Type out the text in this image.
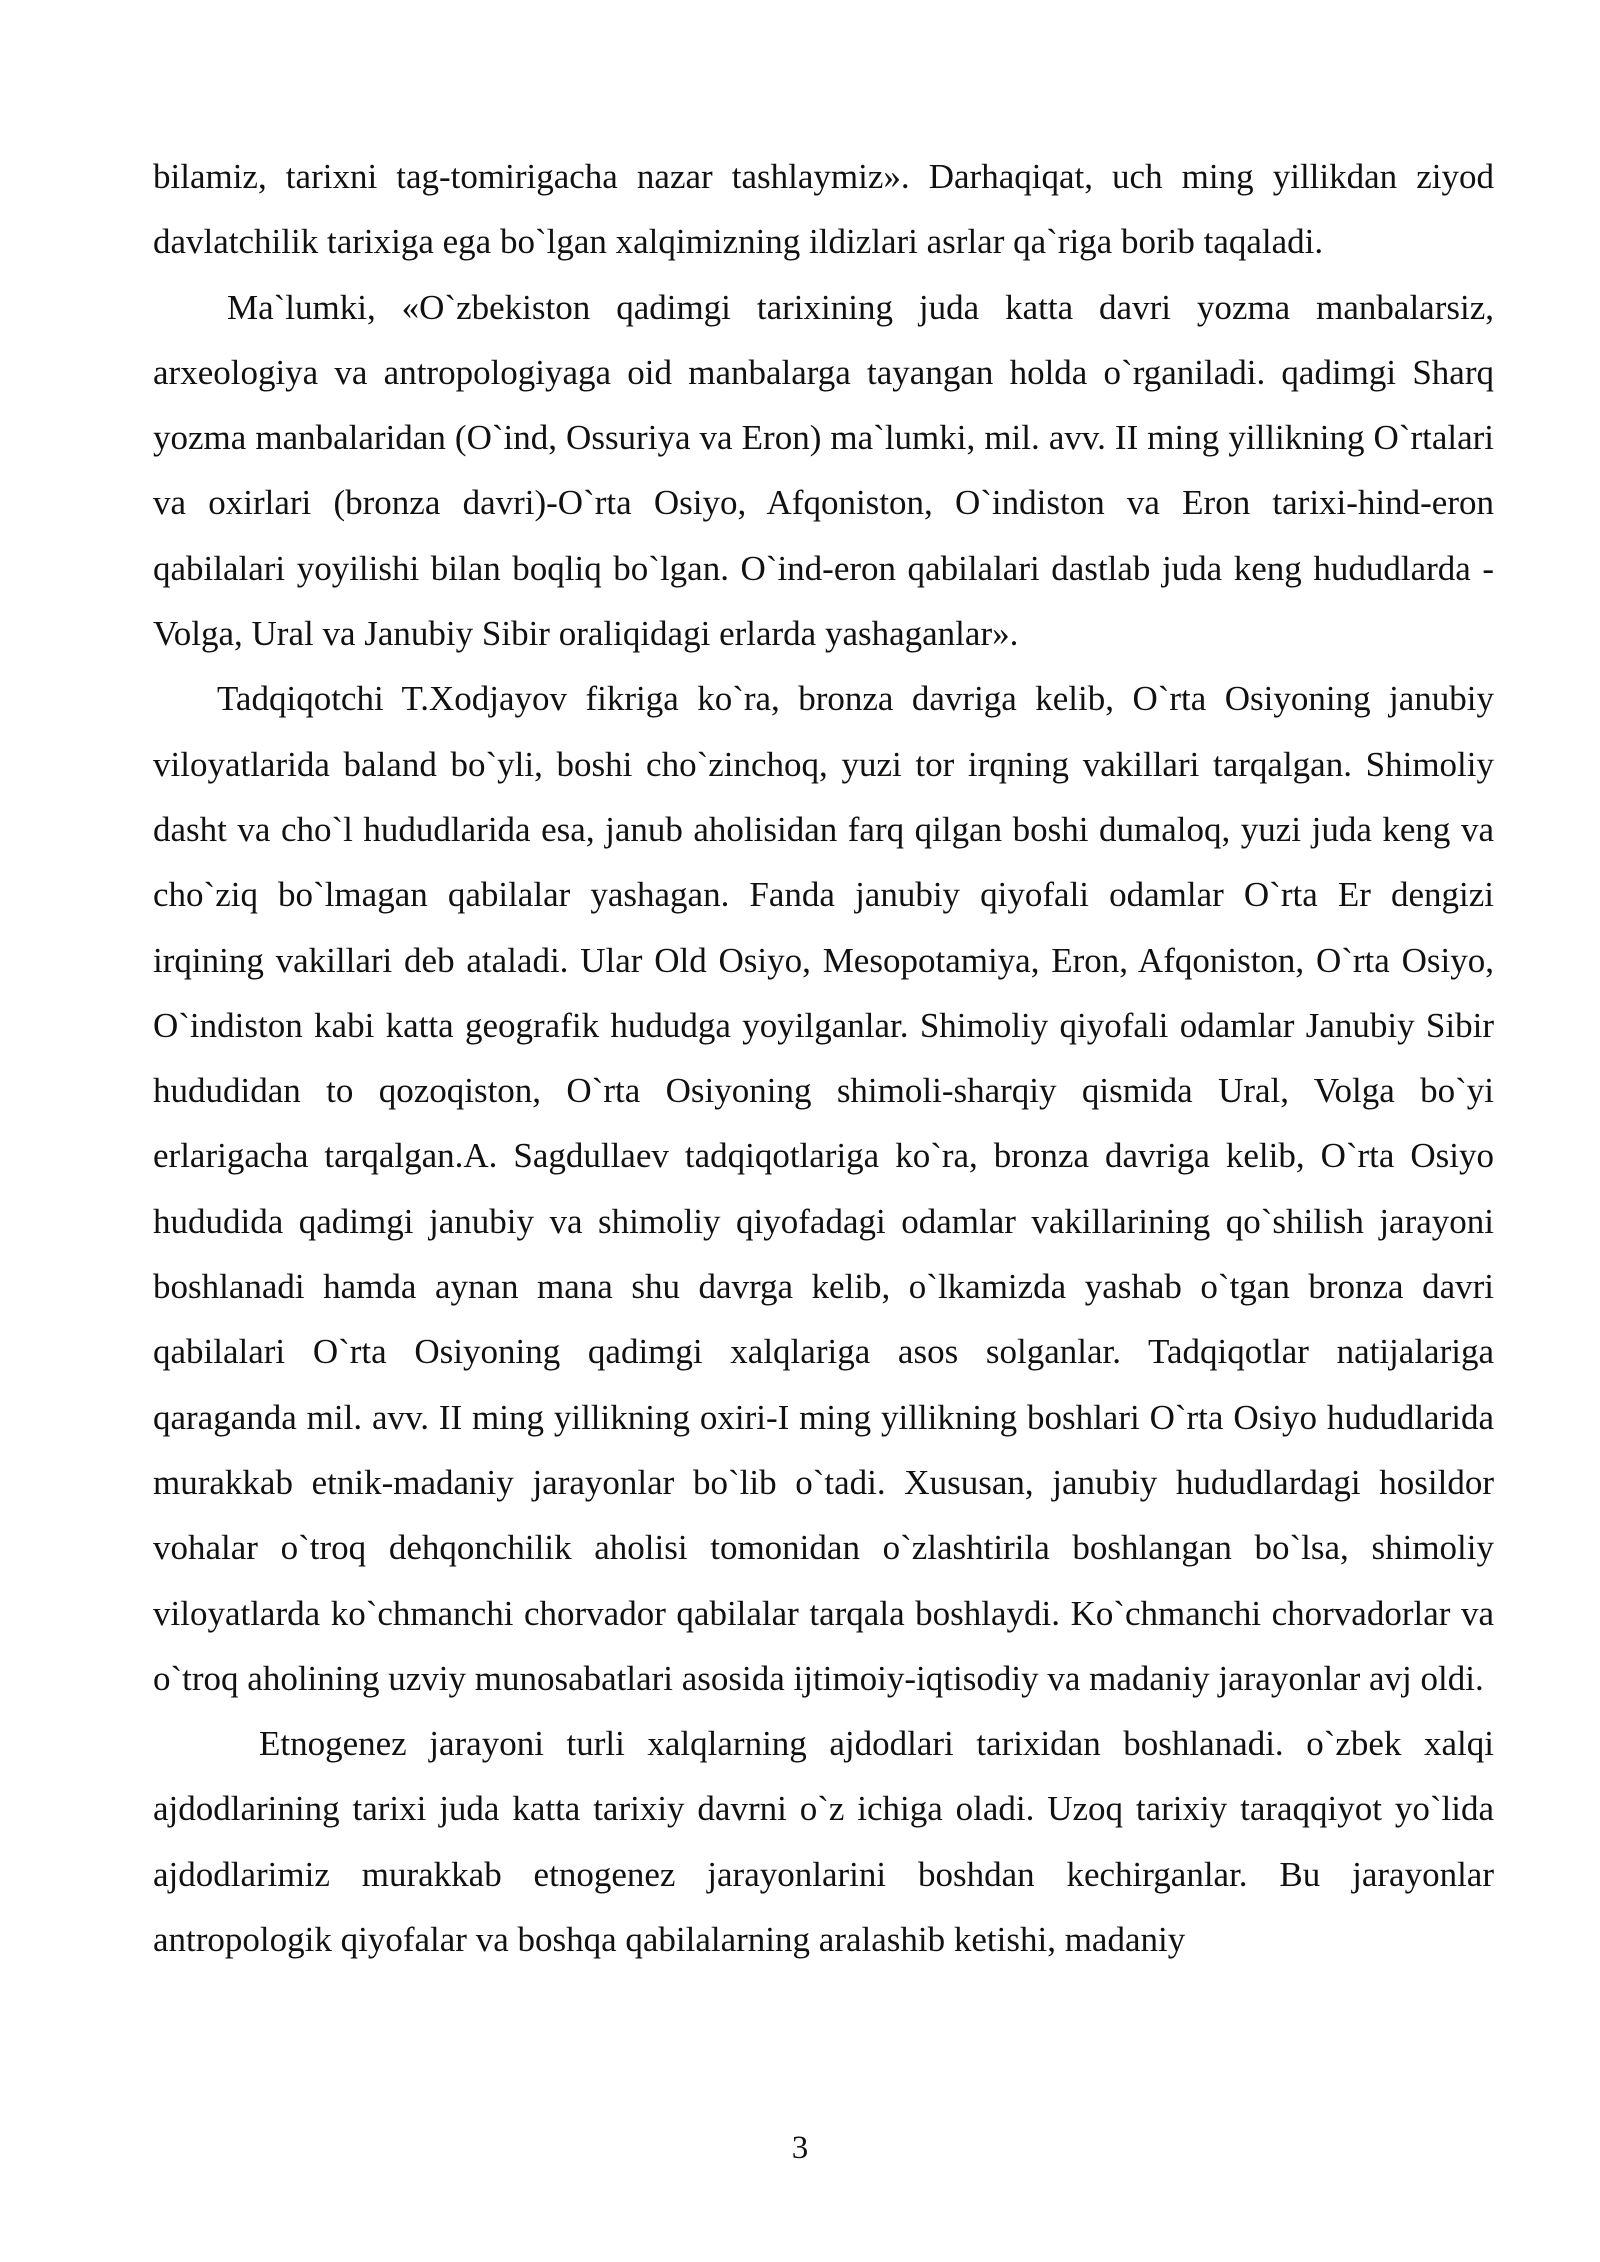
bilamiz, tarixni tag-tomirigacha nazar tashlaymiz». Darhaqiqat, uch ming yillikdan ziyod davlatchilik tarixiga ega bo`lgan xalqimizning ildizlari asrlar qa`riga borib taqaladi.

Ma`lumki, «O`zbekiston qadimgi tarixining juda katta davri yozma manbalarsiz, arxeologiya va antropologiyaga oid manbalarga tayangan holda o`rganiladi. qadimgi Sharq yozma manbalaridan (O`ind, Ossuriya va Eron) ma`lumki, mil. avv. II ming yillikning O`rtalari va oxirlari (bronza davri)-O`rta Osiyo, Afqoniston, O`indiston va Eron tarixi-hind-eron qabilalari yoyilishi bilan boqliq bo`lgan. O`ind-eron qabilalari dastlab juda keng hududlarda - Volga, Ural va Janubiy Sibir oraliqidagi erlarda yashaganlar».

Tadqiqotchi T.Xodjayov fikriga ko`ra, bronza davriga kelib, O`rta Osiyoning janubiy viloyatlarida baland bo`yli, boshi cho`zinchoq, yuzi tor irqning vakillari tarqalgan. Shimoliy dasht va cho`l hududlarida esa, janub aholisidan farq qilgan boshi dumaloq, yuzi juda keng va cho`ziq bo`lmagan qabilalar yashagan. Fanda janubiy qiyofali odamlar O`rta Er dengizi irqining vakillari deb ataladi. Ular Old Osiyo, Mesopotamiya, Eron, Afqoniston, O`rta Osiyo, O`indiston kabi katta geografik hududga yoyilganlar. Shimoliy qiyofali odamlar Janubiy Sibir hududidan to qozoqiston, O`rta Osiyoning shimoli-sharqiy qismida Ural, Volga bo`yi erlarigacha tarqalgan.A. Sagdullaev tadqiqotlariga ko`ra, bronza davriga kelib, O`rta Osiyo hududida qadimgi janubiy va shimoliy qiyofadagi odamlar vakillarining qo`shilish jarayoni boshlanadi hamda aynan mana shu davrga kelib, o`lkamizda yashab o`tgan bronza davri qabilalari O`rta Osiyoning qadimgi xalqlariga asos solganlar. Tadqiqotlar natijalariga qaraganda mil. avv. II ming yillikning oxiri-I ming yillikning boshlari O`rta Osiyo hududlarida murakkab etnik-madaniy jarayonlar bo`lib o`tadi. Xususan, janubiy hududlardagi hosildor vohalar o`troq dehqonchilik aholisi tomonidan o`zlashtirila boshlangan bo`lsa, shimoliy viloyatlarda ko`chmanchi chorvador qabilalar tarqala boshlaydi. Ko`chmanchi chorvadorlar va o`troq aholining uzviy munosabatlari asosida ijtimoiy-iqtisodiy va madaniy jarayonlar avj oldi.

Etnogenez jarayoni turli xalqlarning ajdodlari tarixidan boshlanadi. o`zbek xalqi ajdodlarining tarixi juda katta tarixiy davrni o`z ichiga oladi. Uzoq tarixiy taraqqiyot yo`lida ajdodlarimiz murakkab etnogenez jarayonlarini boshdan kechirganlar. Bu jarayonlar antropologik qiyofalar va boshqa qabilalarning aralashib ketishi, madaniy

3
